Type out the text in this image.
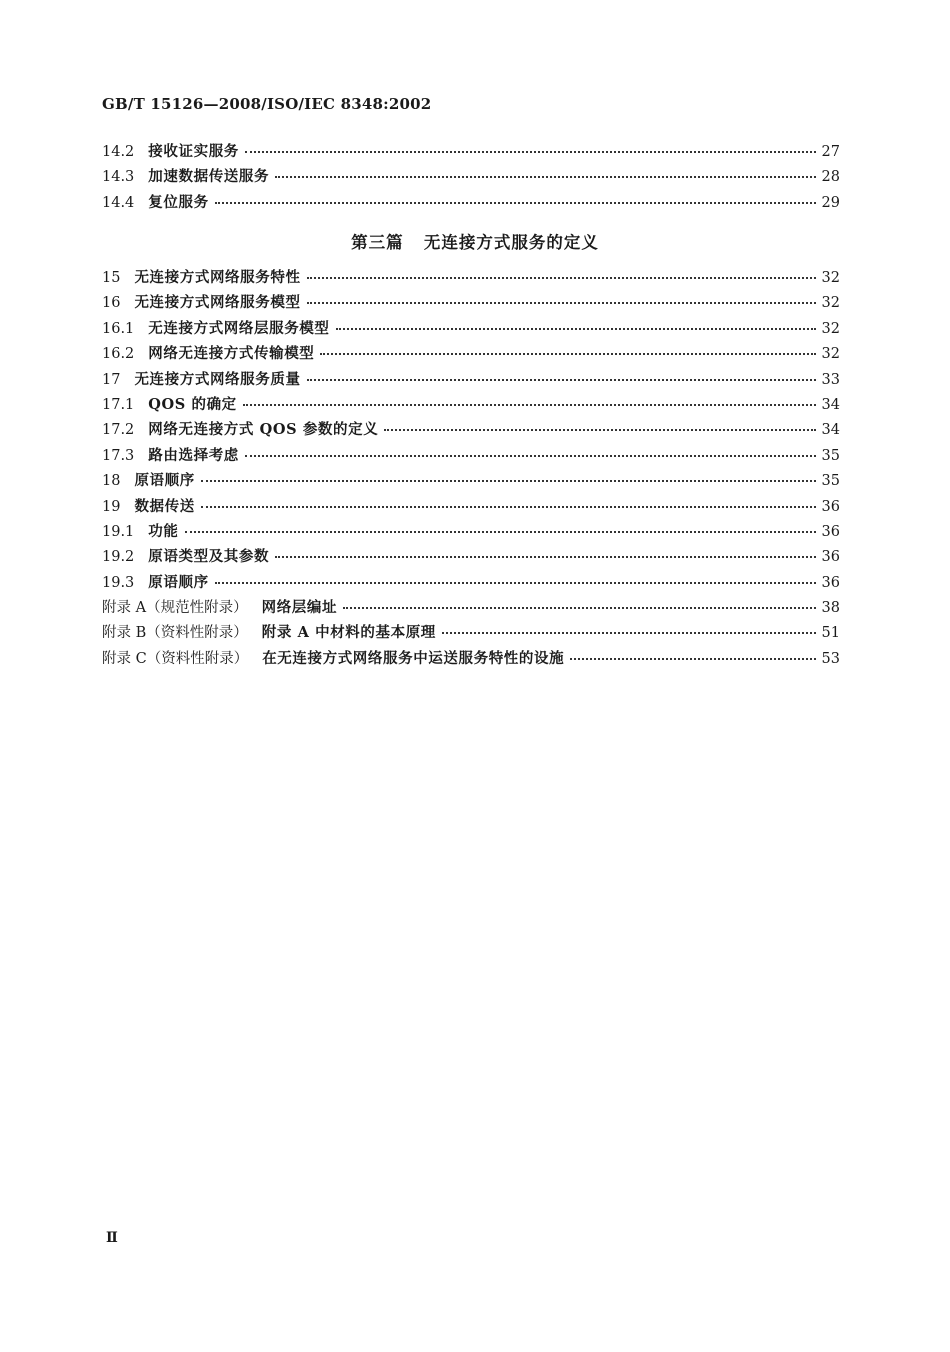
GB/T 15126—2008/ISO/IEC 8348:2002
14.2 接收证实服务	27
14.3 加速数据传送服务	28
14.4 复位服务	29
第三篇   无连接方式服务的定义
15 无连接方式网络服务特性	32
16 无连接方式网络服务模型	32
16.1 无连接方式网络层服务模型	32
16.2 网络无连接方式传输模型	32
17 无连接方式网络服务质量	33
17.1 QOS 的确定	34
17.2 网络无连接方式 QOS 参数的定义	34
17.3 路由选择考虑	35
18 原语顺序	35
19 数据传送	36
19.1 功能	36
19.2 原语类型及其参数	36
19.3 原语顺序	36
附录 A（规范性附录） 网络层编址	38
附录 B（资料性附录） 附录 A 中材料的基本原理	51
附录 C（资料性附录） 在无连接方式网络服务中运送服务特性的设施	53
Ⅱ
